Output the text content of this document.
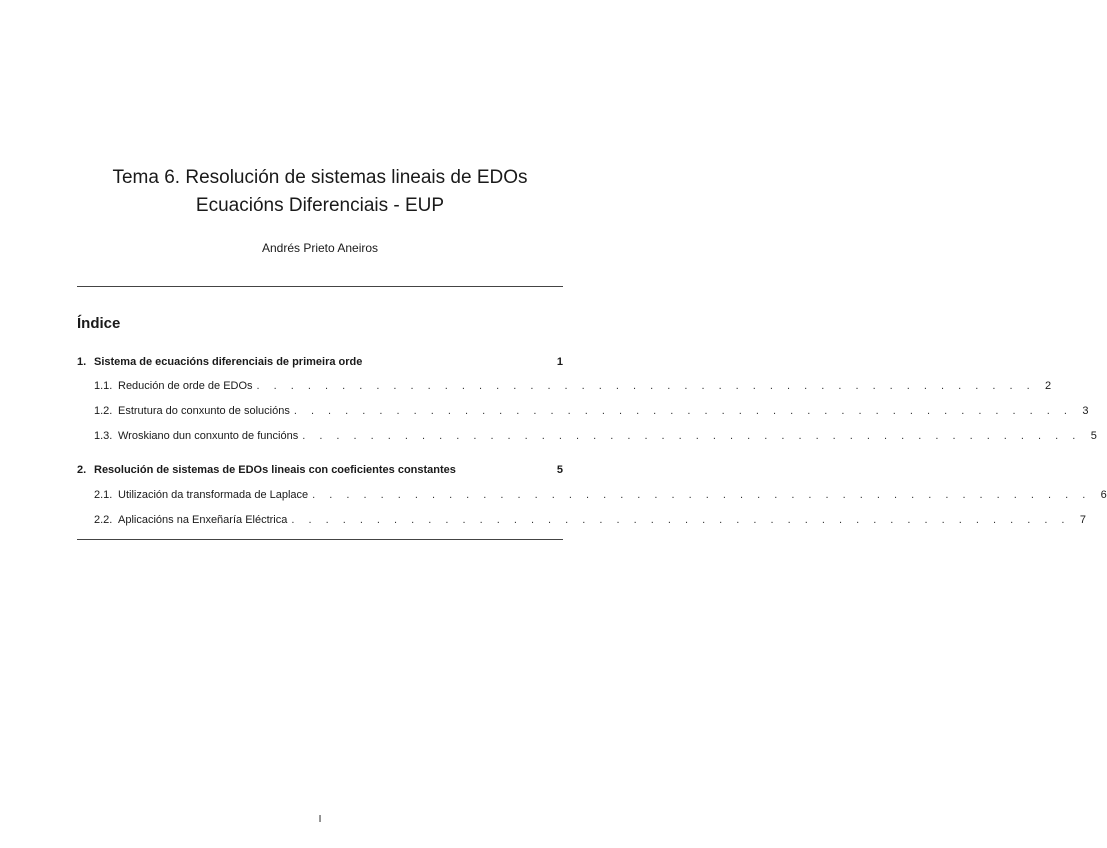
Tema 6. Resolución de sistemas lineais de EDOs
Ecuacións Diferenciais - EUP
Andrés Prieto Aneiros
Índice
1. Sistema de ecuacións diferenciais de primeira orde	1
1.1. Redución de orde de EDOs . . . . . . . . . . . . . . . . . . . . . . . . . . . . . . . . . . . . . . . . . . . . . . 2
1.2. Estrutura do conxunto de solucións . . . . . . . . . . . . . . . . . . . . . . . . . . . . . . . . . . . . . . . . . . . . . . 3
1.3. Wroskiano dun conxunto de funcións . . . . . . . . . . . . . . . . . . . . . . . . . . . . . . . . . . . . . . . . . . . . . . 5
2. Resolución de sistemas de EDOs lineais con coeficientes constantes	5
2.1. Utilización da transformada de Laplace . . . . . . . . . . . . . . . . . . . . . . . . . . . . . . . . . . . . . . . . . . . . . . 6
2.2. Aplicacións na Enxeñaría Eléctrica . . . . . . . . . . . . . . . . . . . . . . . . . . . . . . . . . . . . . . . . . . . . . . 7
I
